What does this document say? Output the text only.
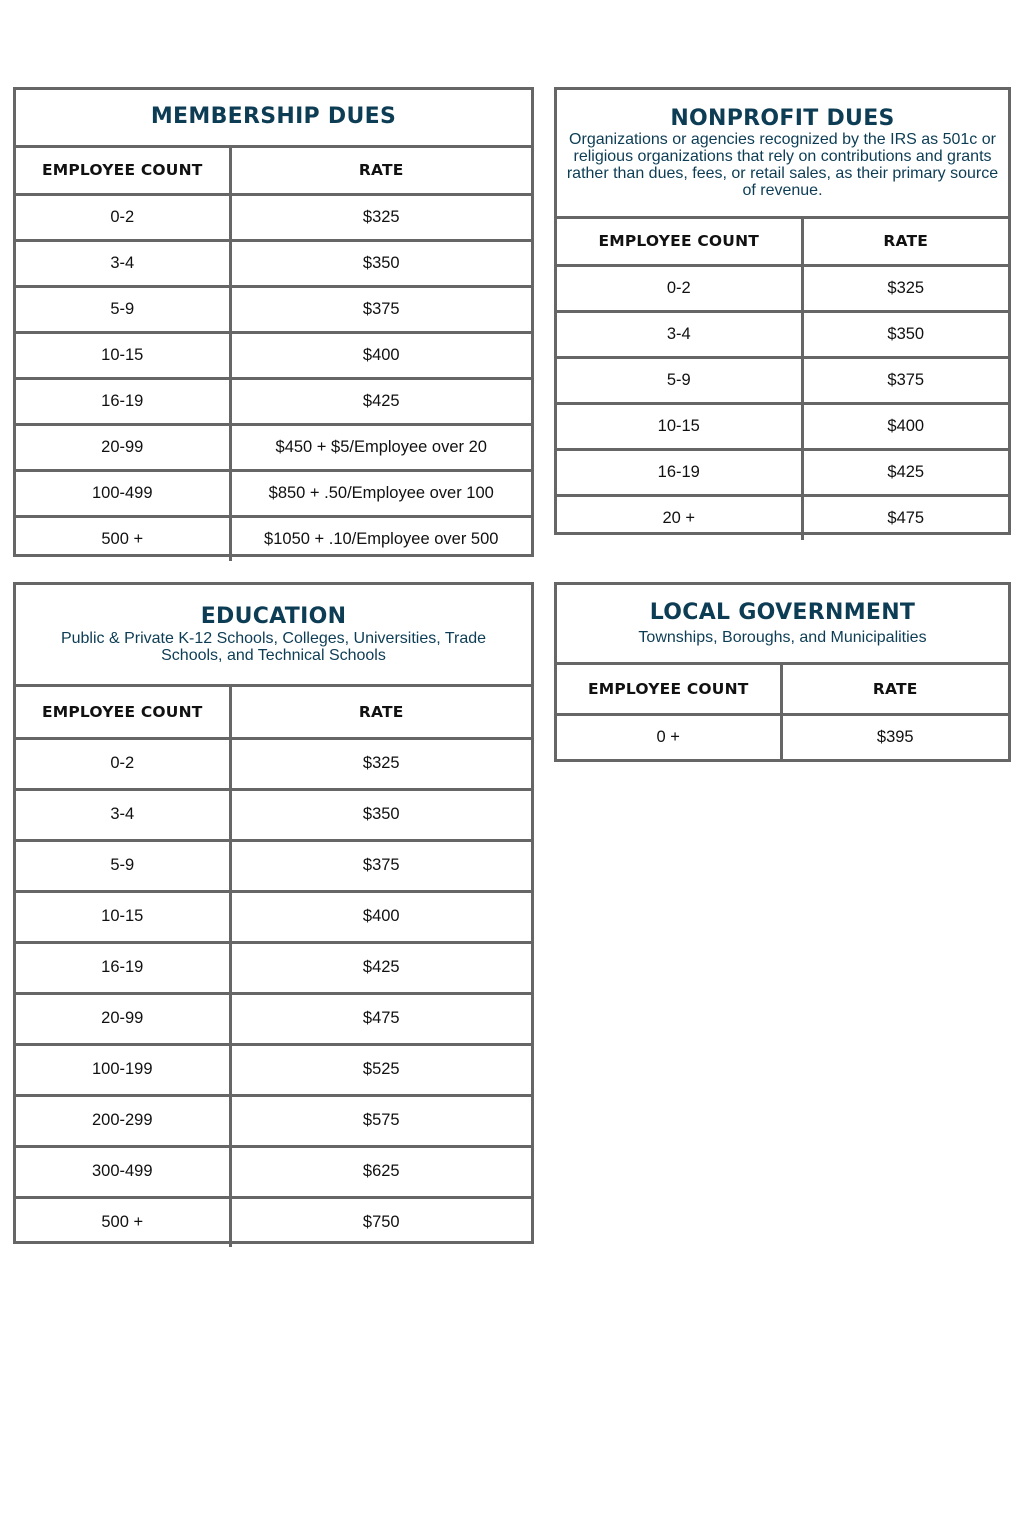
MEMBERSHIP DUES
EMPLOYEE COUNT	RATE
0-2	$325
3-4	$350
5-9	$375
10-15	$400
16-19	$425
20-99	$450 + $5/Employee over 20
100-499	$850 + .50/Employee over 100
500 +	$1050 + .10/Employee over 500
NONPROFIT DUES
Organizations or agencies recognized by the IRS as 501c or religious organizations that rely on contributions and grants rather than dues, fees, or retail sales, as their primary source of revenue.
EMPLOYEE COUNT	RATE
0-2	$325
3-4	$350
5-9	$375
10-15	$400
16-19	$425
20 +	$475
EDUCATION
Public & Private K-12 Schools, Colleges, Universities, Trade Schools, and Technical Schools
EMPLOYEE COUNT	RATE
0-2	$325
3-4	$350
5-9	$375
10-15	$400
16-19	$425
20-99	$475
100-199	$525
200-299	$575
300-499	$625
500 +	$750
LOCAL GOVERNMENT
Townships, Boroughs, and Municipalities
EMPLOYEE COUNT	RATE
0 +	$395
